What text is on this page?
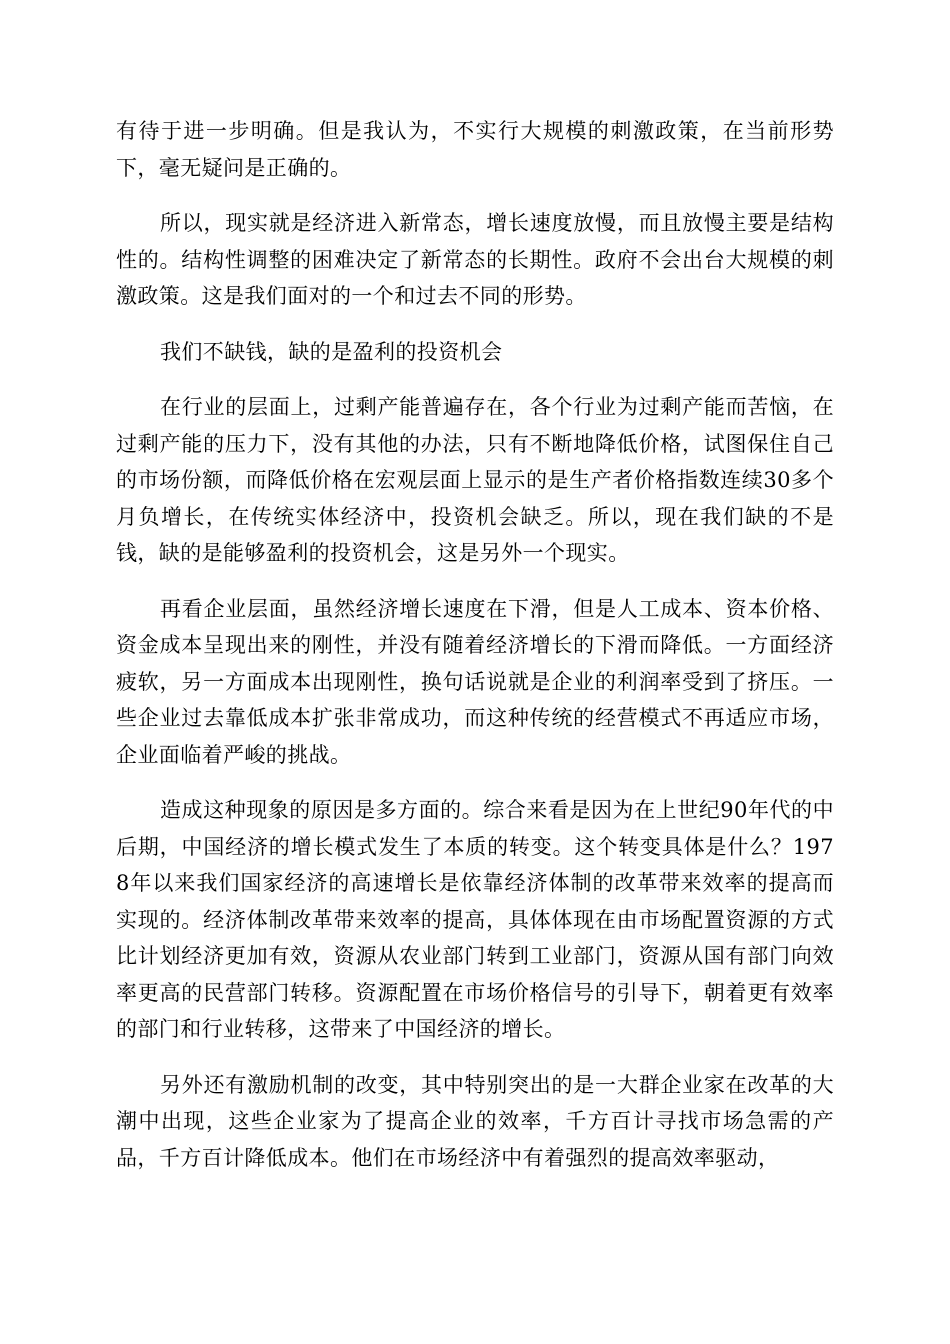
有待于进一步明确。但是我认为，不实行大规模的刺激政策，在当前形势下，毫无疑问是正确的。

所以，现实就是经济进入新常态，增长速度放慢，而且放慢主要是结构性的。结构性调整的困难决定了新常态的长期性。政府不会出台大规模的刺激政策。这是我们面对的一个和过去不同的形势。

我们不缺钱，缺的是盈利的投资机会

在行业的层面上，过剩产能普遍存在，各个行业为过剩产能而苦恼，在过剩产能的压力下，没有其他的办法，只有不断地降低价格，试图保住自己的市场份额，而降低价格在宏观层面上显示的是生产者价格指数连续30多个月负增长，在传统实体经济中，投资机会缺乏。所以，现在我们缺的不是钱，缺的是能够盈利的投资机会，这是另外一个现实。

再看企业层面，虽然经济增长速度在下滑，但是人工成本、资本价格、资金成本呈现出来的刚性，并没有随着经济增长的下滑而降低。一方面经济疲软，另一方面成本出现刚性，换句话说就是企业的利润率受到了挤压。一些企业过去靠低成本扩张非常成功，而这种传统的经营模式不再适应市场，企业面临着严峻的挑战。

造成这种现象的原因是多方面的。综合来看是因为在上世纪90年代的中后期，中国经济的增长模式发生了本质的转变。这个转变具体是什么？1978年以来我们国家经济的高速增长是依靠经济体制的改革带来效率的提高而实现的。经济体制改革带来效率的提高，具体体现在由市场配置资源的方式比计划经济更加有效，资源从农业部门转到工业部门，资源从国有部门向效率更高的民营部门转移。资源配置在市场价格信号的引导下，朝着更有效率的部门和行业转移，这带来了中国经济的增长。

另外还有激励机制的改变，其中特别突出的是一大群企业家在改革的大潮中出现，这些企业家为了提高企业的效率，千方百计寻找市场急需的产品，千方百计降低成本。他们在市场经济中有着强烈的提高效率驱动，
